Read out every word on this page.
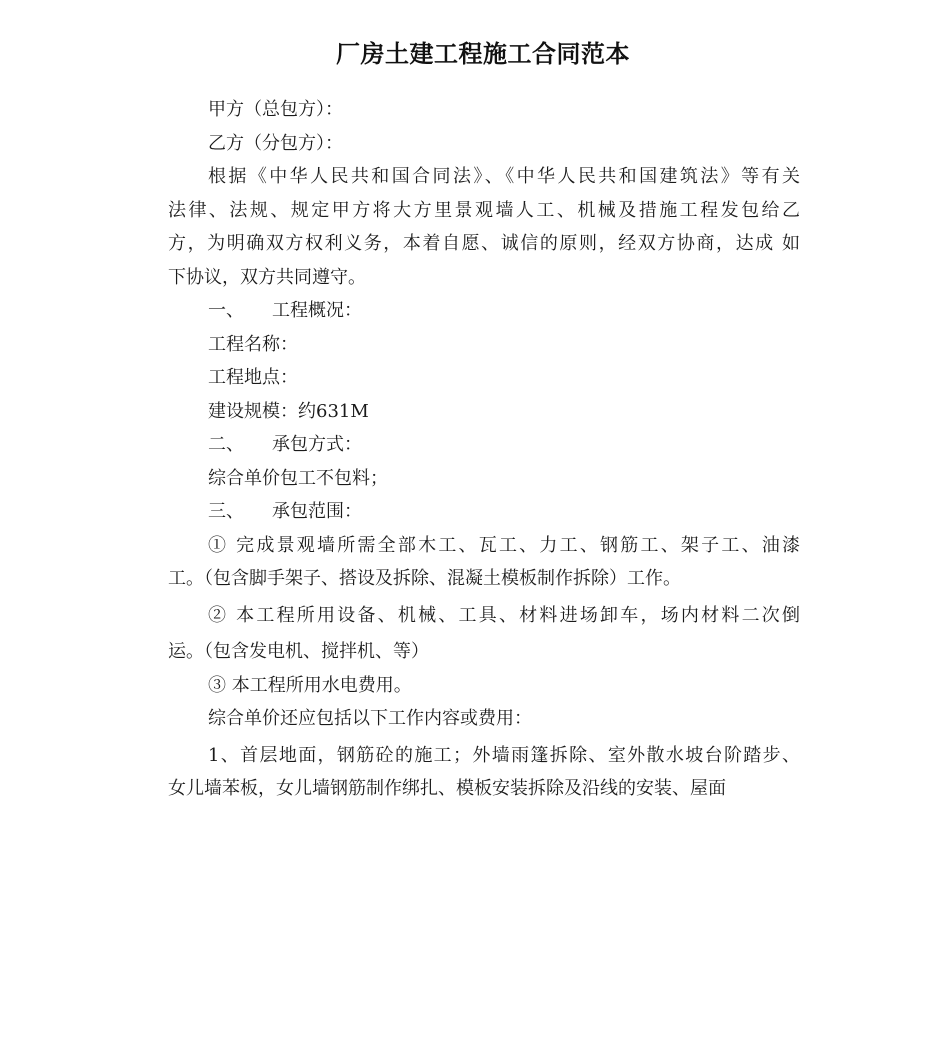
厂房土建工程施工合同范本

甲方（总包方）：

乙方（分包方）：

根据《中华人民共和国合同法》、《中华人民共和国建筑法》等有关

法律、法规、规定甲方将大方里景观墙人工、机械及措施工程发包给乙

方，为明确双方权利义务，本着自愿、诚信的原则，经双方协商，达成 如

下协议，双方共同遵守。

一、 工程概况：

工程名称：

工程地点：

建设规模：约631M

二、 承包方式：

综合单价包工不包料；

三、 承包范围：

① 完成景观墙所需全部木工、瓦工、力工、钢筋工、架子工、油漆

工。（包含脚手架子、搭设及拆除、混凝土模板制作拆除）工作。

② 本工程所用设备、机械、工具、材料进场卸车，场内材料二次倒

运。（包含发电机、搅拌机、等）

③ 本工程所用水电费用。

综合单价还应包括以下工作内容或费用：

1、首层地面，钢筋砼的施工；外墙雨篷拆除、室外散水坡台阶踏步、

女儿墙苯板，女儿墙钢筋制作绑扎、模板安装拆除及沿线的安装、屋面
